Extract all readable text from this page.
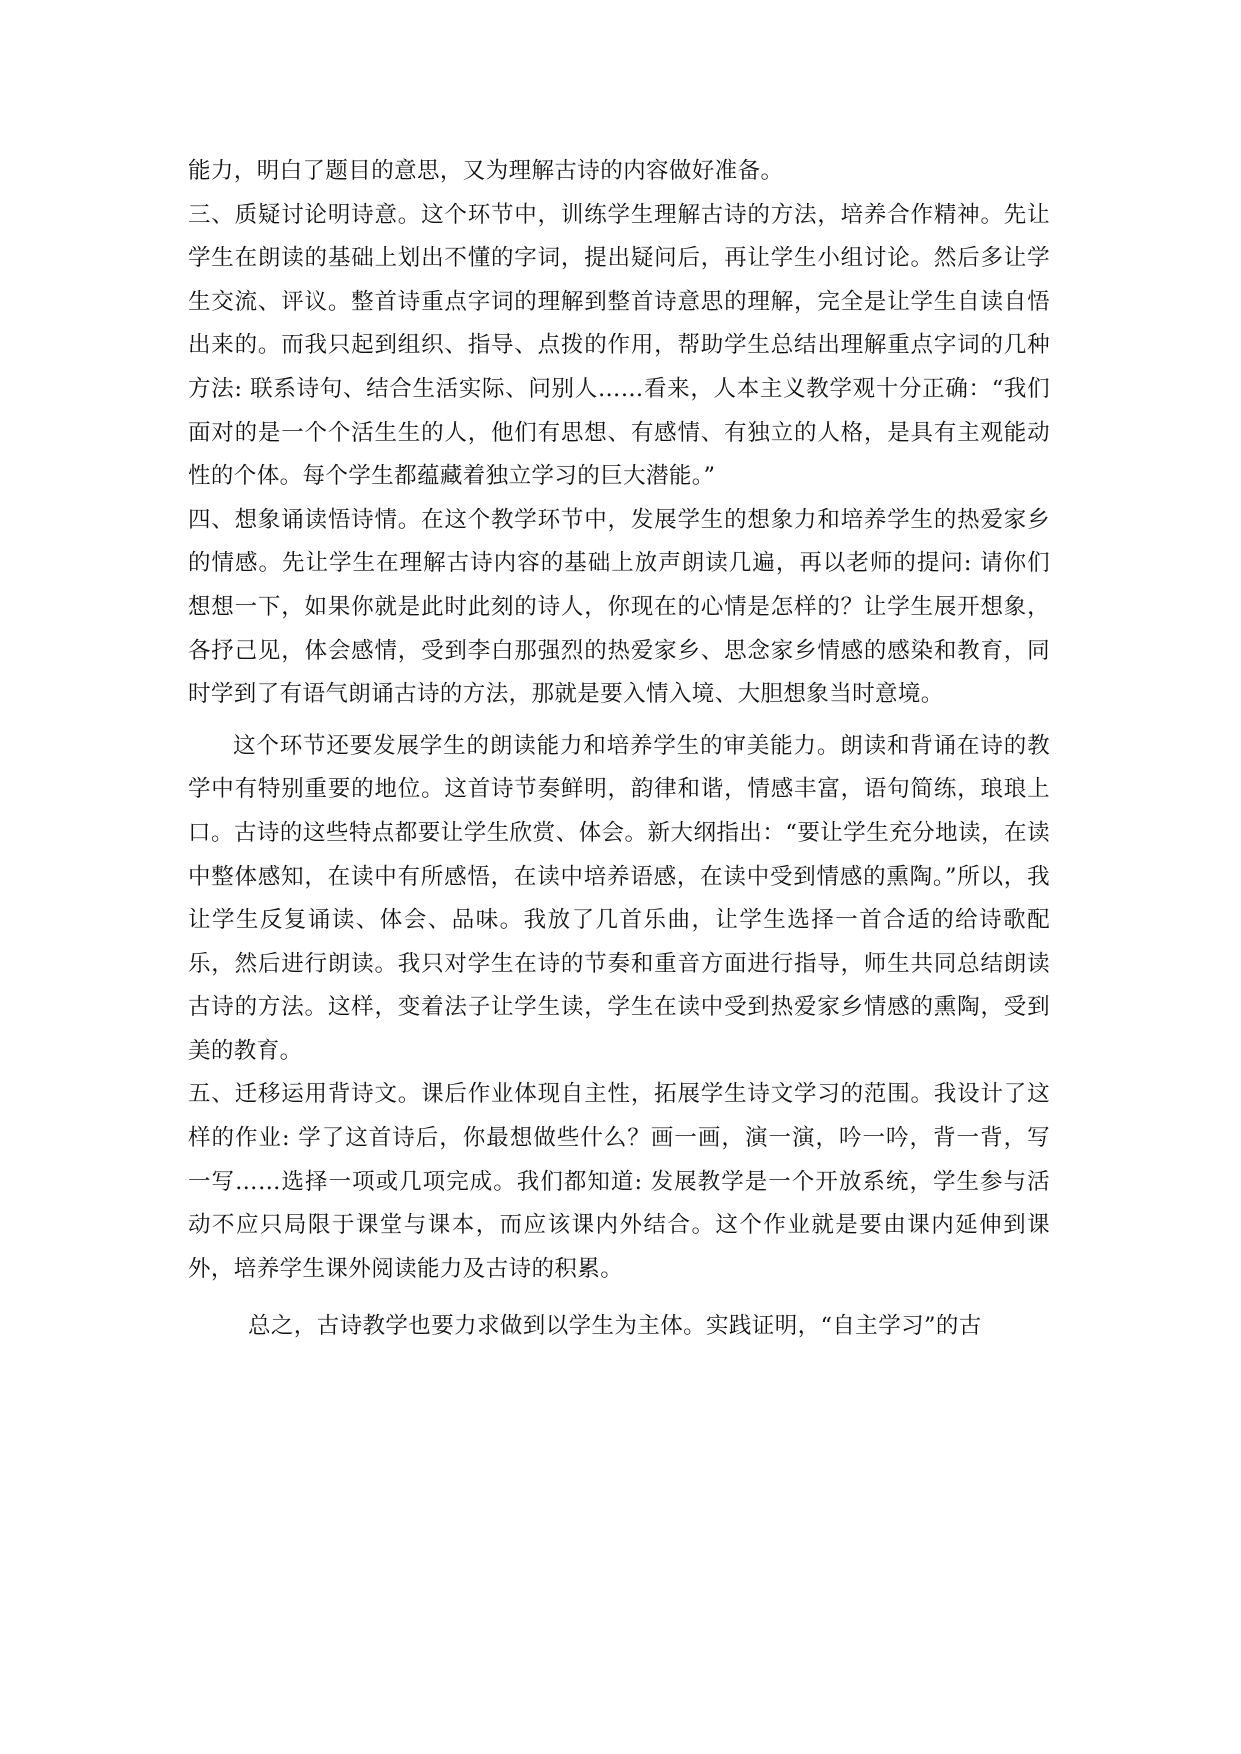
能力，明白了题目的意思，又为理解古诗的内容做好准备。

三、质疑讨论明诗意。这个环节中，训练学生理解古诗的方法，培养合作精神。先让学生在朗读的基础上划出不懂的字词，提出疑问后，再让学生小组讨论。然后多让学生交流、评议。整首诗重点字词的理解到整首诗意思的理解，完全是让学生自读自悟出来的。而我只起到组织、指导、点拨的作用，帮助学生总结出理解重点字词的几种方法: 联系诗句、结合生活实际、问别人……看来，人本主义教学观十分正确：“我们面对的是一个个活生生的人，他们有思想、有感情、有独立的人格，是具有主观能动性的个体。每个学生都蕴藏着独立学习的巨大潜能。”

四、想象诵读悟诗情。在这个教学环节中，发展学生的想象力和培养学生的热爱家乡的情感。先让学生在理解古诗内容的基础上放声朗读几遍，再以老师的提问: 请你们想想一下，如果你就是此时此刻的诗人，你现在的心情是怎样的？让学生展开想象，各抒己见，体会感情，受到李白那强烈的热爱家乡、思念家乡情感的感染和教育，同时学到了有语气朗诵古诗的方法，那就是要入情入境、大胆想象当时意境。

这个环节还要发展学生的朗读能力和培养学生的审美能力。朗读和背诵在诗的教学中有特别重要的地位。这首诗节奏鲜明，韵律和谐，情感丰富，语句简练，琅琅上口。古诗的这些特点都要让学生欣赏、体会。新大纲指出：“要让学生充分地读，在读中整体感知，在读中有所感悟，在读中培养语感，在读中受到情感的熏陶。”所以，我让学生反复诵读、体会、品味。我放了几首乐曲，让学生选择一首合适的给诗歌配乐，然后进行朗读。我只对学生在诗的节奏和重音方面进行指导，师生共同总结朗读古诗的方法。这样，变着法子让学生读，学生在读中受到热爱家乡情感的熏陶，受到美的教育。

五、迁移运用背诗文。课后作业体现自主性，拓展学生诗文学习的范围。我设计了这样的作业: 学了这首诗后，你最想做些什么？画一画，演一演，吟一吟，背一背，写一写……选择一项或几项完成。我们都知道: 发展教学是一个开放系统，学生参与活动不应只局限于课堂与课本，而应该课内外结合。这个作业就是要由课内延伸到课外，培养学生课外阅读能力及古诗的积累。

总之，古诗教学也要力求做到以学生为主体。实践证明，“自主学习”的古
